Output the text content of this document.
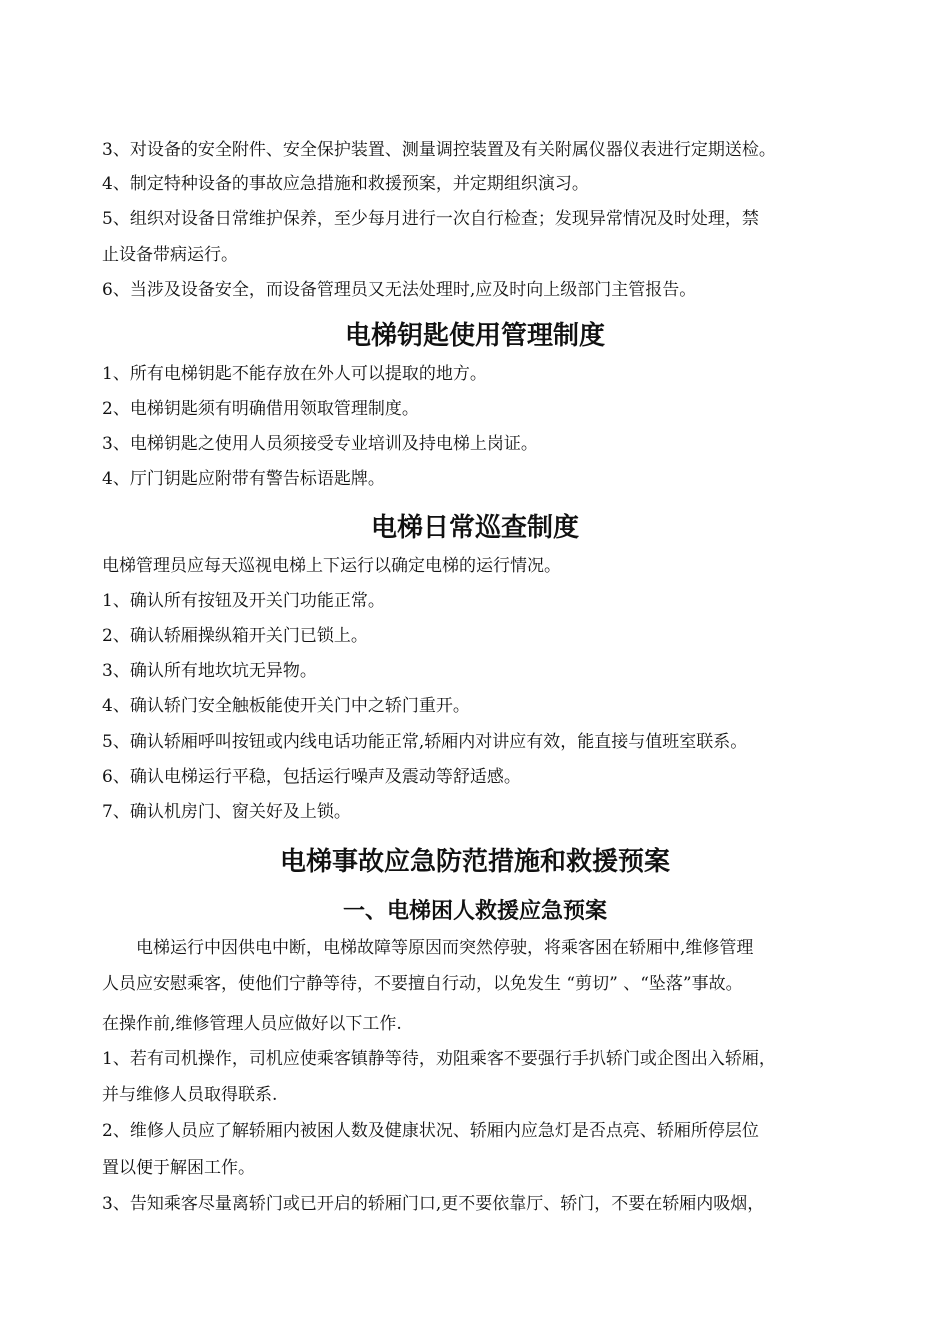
3、对设备的安全附件、安全保护装置、测量调控装置及有关附属仪器仪表进行定期送检。
4、制定特种设备的事故应急措施和救援预案，并定期组织演习。
5、组织对设备日常维护保养，至少每月进行一次自行检查；发现异常情况及时处理，禁
止设备带病运行。
6、当涉及设备安全，而设备管理员又无法处理时,应及时向上级部门主管报告。
电梯钥匙使用管理制度
1、所有电梯钥匙不能存放在外人可以提取的地方。
2、电梯钥匙须有明确借用领取管理制度。
3、电梯钥匙之使用人员须接受专业培训及持电梯上岗证。
4、厅门钥匙应附带有警告标语匙牌。
电梯日常巡查制度
电梯管理员应每天巡视电梯上下运行以确定电梯的运行情况。
1、确认所有按钮及开关门功能正常。
2、确认轿厢操纵箱开关门已锁上。
3、确认所有地坎坑无异物。
4、确认轿门安全触板能使开关门中之轿门重开。
5、确认轿厢呼叫按钮或内线电话功能正常,轿厢内对讲应有效，能直接与值班室联系。
6、确认电梯运行平稳，包括运行噪声及震动等舒适感。
7、确认机房门、窗关好及上锁。
电梯事故应急防范措施和救援预案
一、电梯困人救援应急预案
　　电梯运行中因供电中断，电梯故障等原因而突然停驶，将乘客困在轿厢中,维修管理
人员应安慰乘客，使他们宁静等待，不要擅自行动，以免发生 “剪切” 、“坠落”事故。
在操作前,维修管理人员应做好以下工作.
1、若有司机操作，司机应使乘客镇静等待，劝阻乘客不要强行手扒轿门或企图出入轿厢，
并与维修人员取得联系.
2、维修人员应了解轿厢内被困人数及健康状况、轿厢内应急灯是否点亮、轿厢所停层位
置以便于解困工作。
3、告知乘客尽量离轿门或已开启的轿厢门口,更不要依靠厅、轿门，不要在轿厢内吸烟，
